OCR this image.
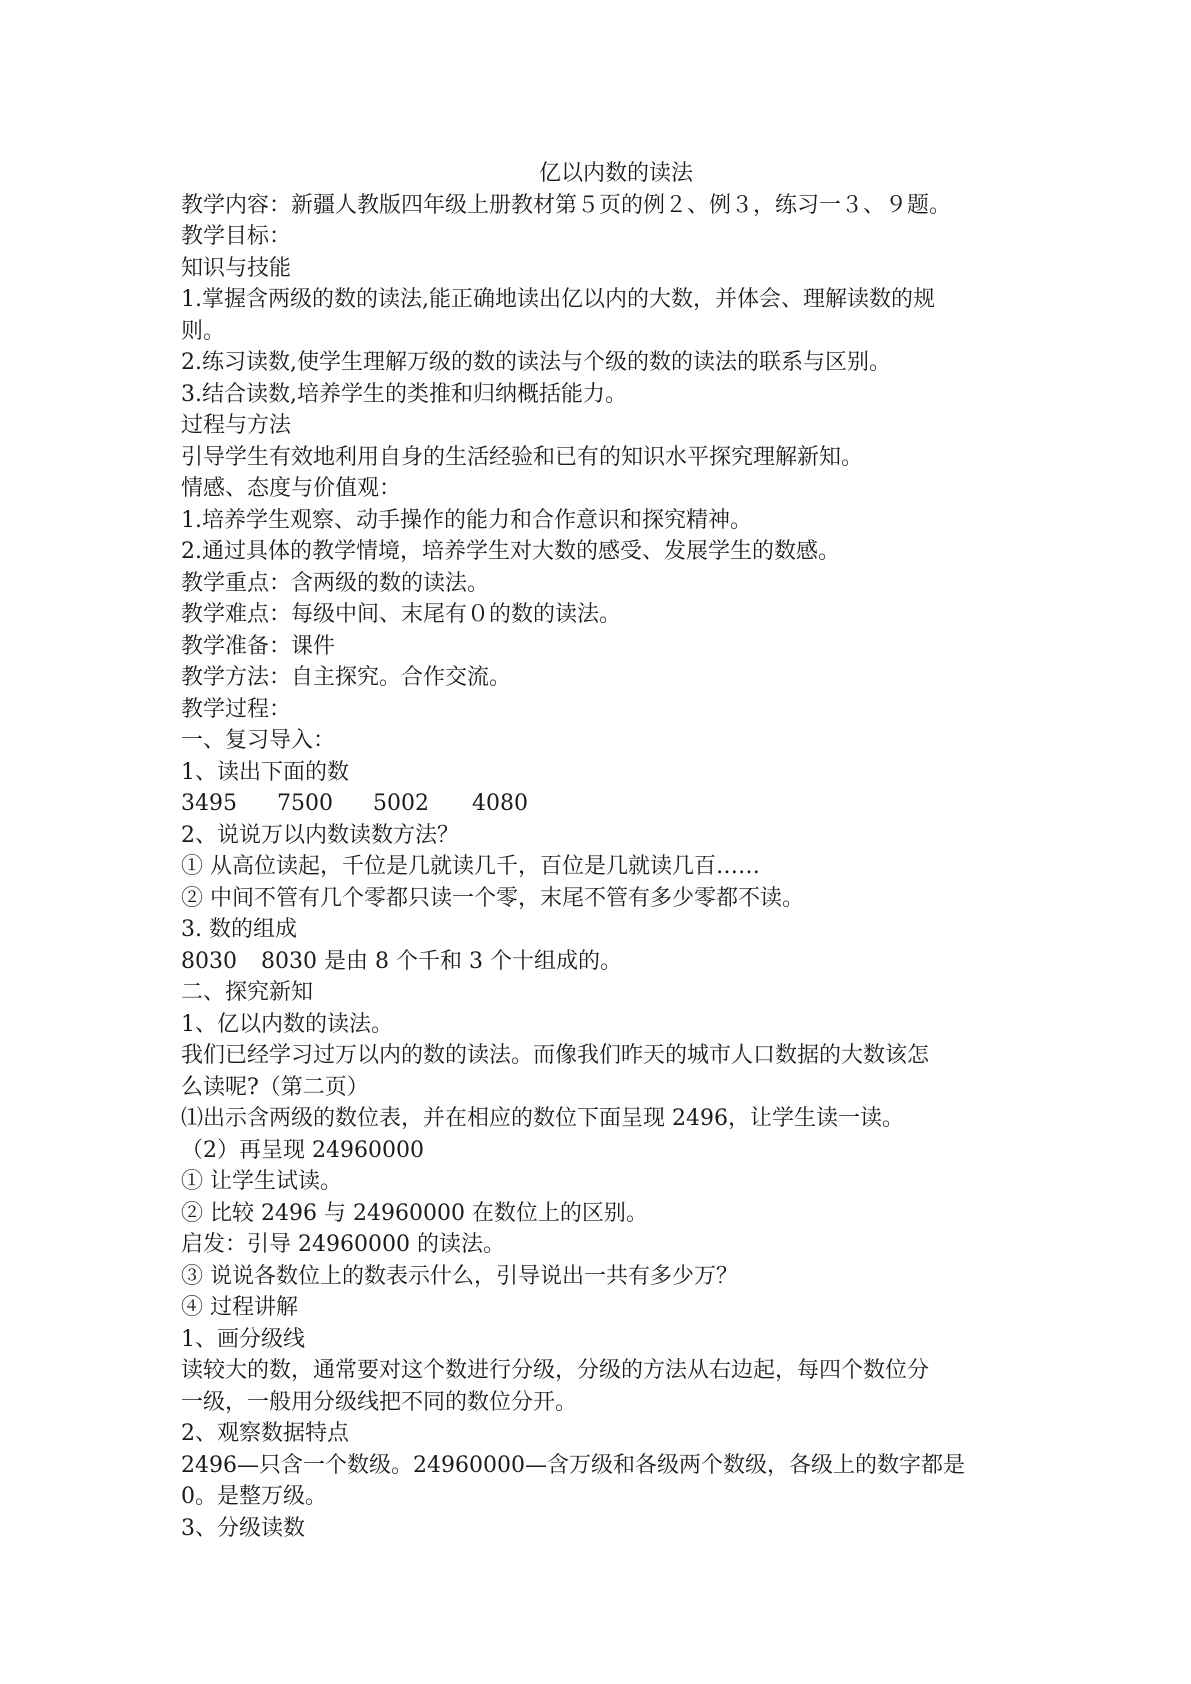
亿以内数的读法

教学内容：新疆人教版四年级上册教材第５页的例２、例３，练习一３、９题。

教学目标：

知识与技能

1.掌握含两级的数的读法,能正确地读出亿以内的大数，并体会、理解读数的规

则。

2.练习读数,使学生理解万级的数的读法与个级的数的读法的联系与区别。

3.结合读数,培养学生的类推和归纳概括能力。

过程与方法

引导学生有效地利用自身的生活经验和已有的知识水平探究理解新知。

情感、态度与价值观：

1.培养学生观察、动手操作的能力和合作意识和探究精神。

2.通过具体的教学情境，培养学生对大数的感受、发展学生的数感。

教学重点：含两级的数的读法。

教学难点：每级中间、末尾有０的数的读法。

教学准备：课件

教学方法：自主探究。合作交流。

教学过程：

一、复习导入：

1、读出下面的数

3495 7500 5002 4080

2、说说万以内数读数方法？

① 从高位读起，千位是几就读几千，百位是几就读几百……

② 中间不管有几个零都只读一个零，末尾不管有多少零都不读。

3. 数的组成

8030 8030 是由 8 个千和 3 个十组成的。

二、探究新知

1、亿以内数的读法。

我们已经学习过万以内的数的读法。而像我们昨天的城市人口数据的大数该怎

么读呢?（第二页）

⑴出示含两级的数位表，并在相应的数位下面呈现 2496，让学生读一读。

（2）再呈现 24960000

① 让学生试读。

② 比较 2496 与 24960000 在数位上的区别。

启发：引导 24960000 的读法。

③ 说说各数位上的数表示什么，引导说出一共有多少万？

④ 过程讲解

1、画分级线

读较大的数，通常要对这个数进行分级，分级的方法从右边起，每四个数位分

一级，一般用分级线把不同的数位分开。

2、观察数据特点

2496—只含一个数级。24960000—含万级和各级两个数级，各级上的数字都是

0。是整万级。

3、分级读数
